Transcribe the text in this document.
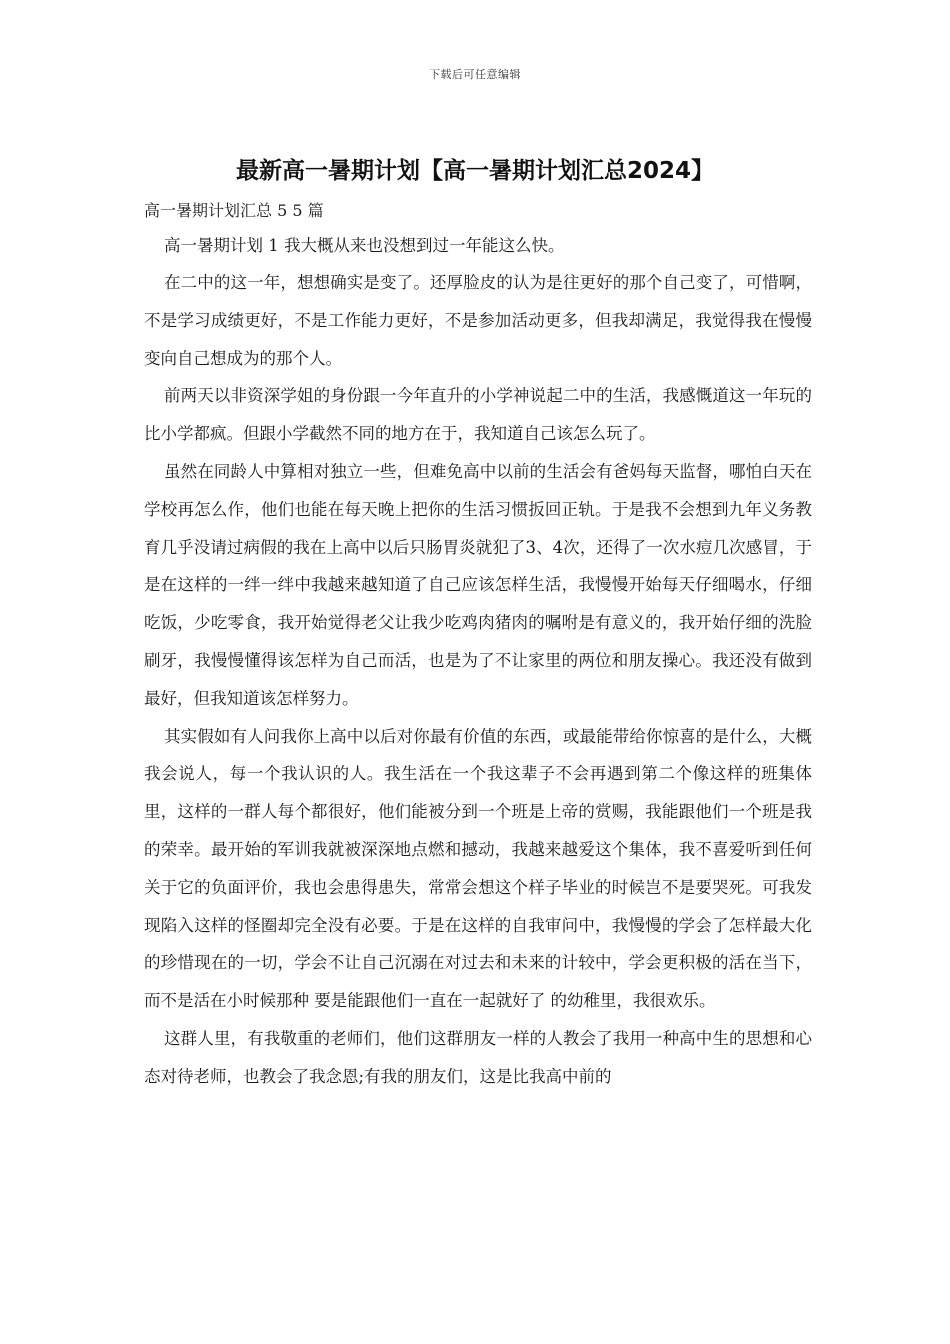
下载后可任意编辑
最新高一暑期计划【高一暑期计划汇总2024】

高一暑期计划汇总 5 5 篇

高一暑期计划 1 我大概从来也没想到过一年能这么快。

在二中的这一年，想想确实是变了。还厚脸皮的认为是往更好的那个自己变了，可惜啊，不是学习成绩更好，不是工作能力更好，不是参加活动更多，但我却满足，我觉得我在慢慢变向自己想成为的那个人。

前两天以非资深学姐的身份跟一今年直升的小学神说起二中的生活，我感慨道这一年玩的比小学都疯。但跟小学截然不同的地方在于，我知道自己该怎么玩了。

虽然在同龄人中算相对独立一些，但难免高中以前的生活会有爸妈每天监督，哪怕白天在学校再怎么作，他们也能在每天晚上把你的生活习惯扳回正轨。于是我不会想到九年义务教育几乎没请过病假的我在上高中以后只肠胃炎就犯了3、4次，还得了一次水痘几次感冒，于是在这样的一绊一绊中我越来越知道了自己应该怎样生活，我慢慢开始每天仔细喝水，仔细吃饭，少吃零食，我开始觉得老父让我少吃鸡肉猪肉的嘱咐是有意义的，我开始仔细的洗脸刷牙，我慢慢懂得该怎样为自己而活，也是为了不让家里的两位和朋友操心。我还没有做到最好，但我知道该怎样努力。

其实假如有人问我你上高中以后对你最有价值的东西，或最能带给你惊喜的是什么，大概我会说人，每一个我认识的人。我生活在一个我这辈子不会再遇到第二个像这样的班集体里，这样的一群人每个都很好，他们能被分到一个班是上帝的赏赐，我能跟他们一个班是我的荣幸。最开始的军训我就被深深地点燃和撼动，我越来越爱这个集体，我不喜爱听到任何关于它的负面评价，我也会患得患失，常常会想这个样子毕业的时候岂不是要哭死。可我发现陷入这样的怪圈却完全没有必要。于是在这样的自我审问中，我慢慢的学会了怎样最大化的珍惜现在的一切，学会不让自己沉溺在对过去和未来的计较中，学会更积极的活在当下，而不是活在小时候那种 要是能跟他们一直在一起就好了 的幼稚里，我很欢乐。

这群人里，有我敬重的老师们，他们这群朋友一样的人教会了我用一种高中生的思想和心态对待老师，也教会了我念恩;有我的朋友们，这是比我高中前的
